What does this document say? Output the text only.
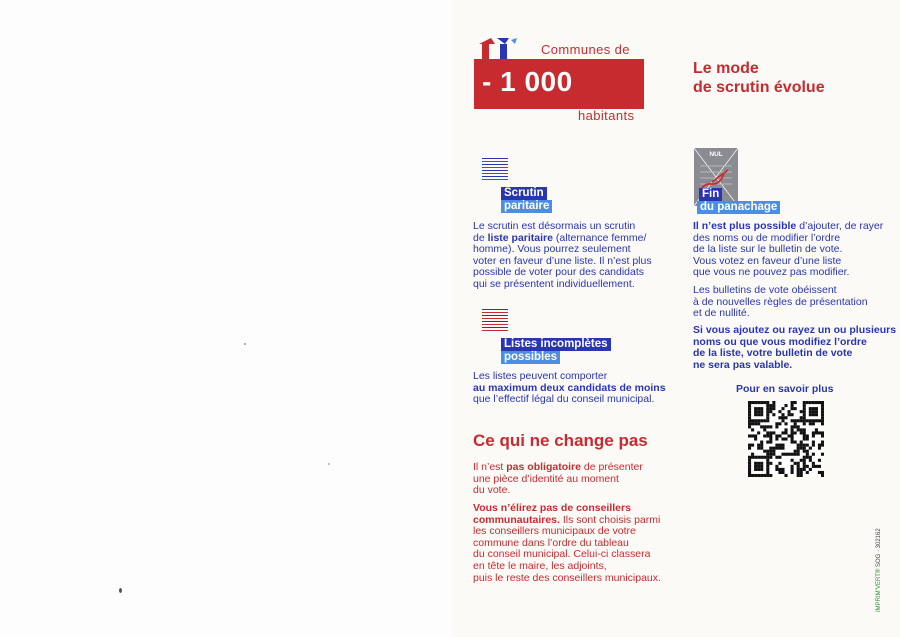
Communes de
- 1 000
habitants
Le mode
de scrutin évolue
Scrutin
paritaire
Le scrutin est désormais un scrutin
de liste paritaire (alternance femme/
homme). Vous pourrez seulement
voter en faveur d’une liste. Il n’est plus
possible de voter pour des candidats
qui se présentent individuellement.
Listes incomplètes
possibles
Les listes peuvent comporter
au maximum deux candidats de moins
que l’effectif légal du conseil municipal.
Ce qui ne change pas
Il n’est pas obligatoire de présenter
une pièce d’identité au moment
du vote.
Vous n’élirez pas de conseillers
communautaires. Ils sont choisis parmi
les conseillers municipaux de votre
commune dans l’ordre du tableau
du conseil municipal. Celui-ci classera
en tête le maire, les adjoints,
puis le reste des conseillers municipaux.
NUL
Fin
du panachage
Il n’est plus possible d’ajouter, de rayer
des noms ou de modifier l’ordre
de la liste sur le bulletin de vote.
Vous votez en faveur d’une liste
que vous ne pouvez pas modifier.
Les bulletins de vote obéissent
à de nouvelles règles de présentation
et de nullité.
Si vous ajoutez ou rayez un ou plusieurs
noms ou que vous modifiez l’ordre
de la liste, votre bulletin de vote
ne sera pas valable.
Pour en savoir plus
IMPRIM’VERT® SOG · 302162
